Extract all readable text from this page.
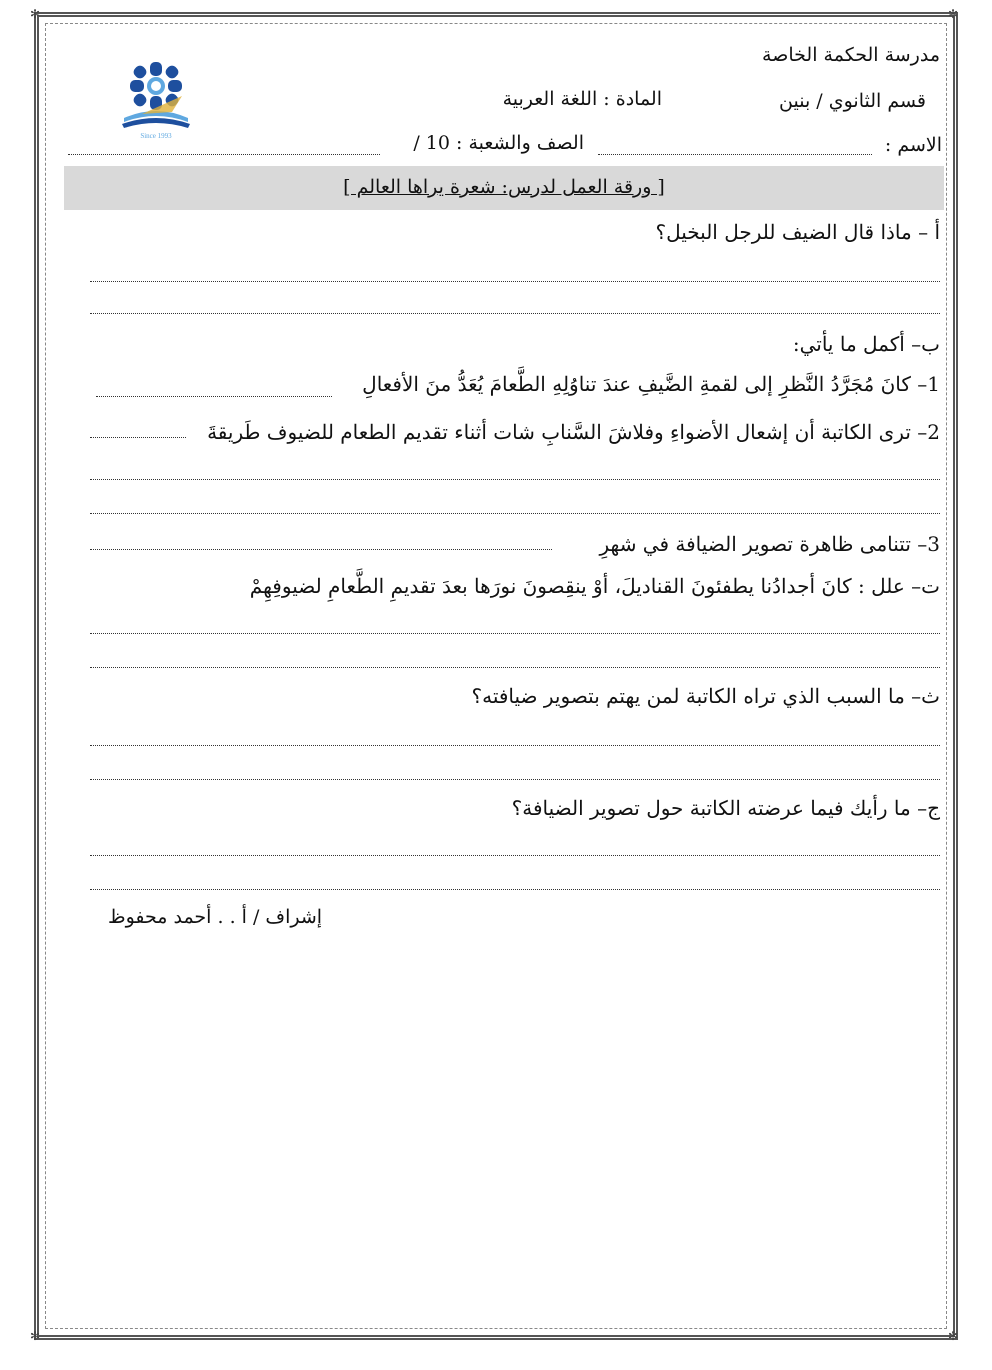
✻	✻
✻	✻
Since 1993
مدرسة الحكمة الخاصة
قسم الثانوي / بنين
المادة : اللغة العربية
الاسم :
الصف والشعبة : 10 /
[ ورقة العمل لدرس: شعرة يراها العالم ]
أ – ماذا قال الضيف للرجل البخيل؟
ب– أكمل ما يأتي:
1– كانَ مُجَرَّدُ النَّظرِ إلى لقمةِ الضَّيفِ عندَ تناوُلِهِ الطَّعامَ يُعَدُّ منَ الأفعالِ
2– ترى الكاتبة أن إشعال الأضواءِ وفلاشَ السَّنابِ شات أثناء تقديم الطعام للضيوف طَريقةَ
3– تتنامى ظاهرة تصوير الضيافة في شهرِ
ت– علل : كانَ أجدادُنا يطفئونَ القناديلَ، أوْ ينقِصونَ نورَها بعدَ تقديمِ الطَّعامِ لضيوفِهِمْ
ث– ما السبب الذي تراه الكاتبة لمن يهتم بتصوير ضيافته؟
ج– ما رأيك فيما عرضته الكاتبة حول تصوير الضيافة؟
إشراف / أ . . أحمد محفوظ
